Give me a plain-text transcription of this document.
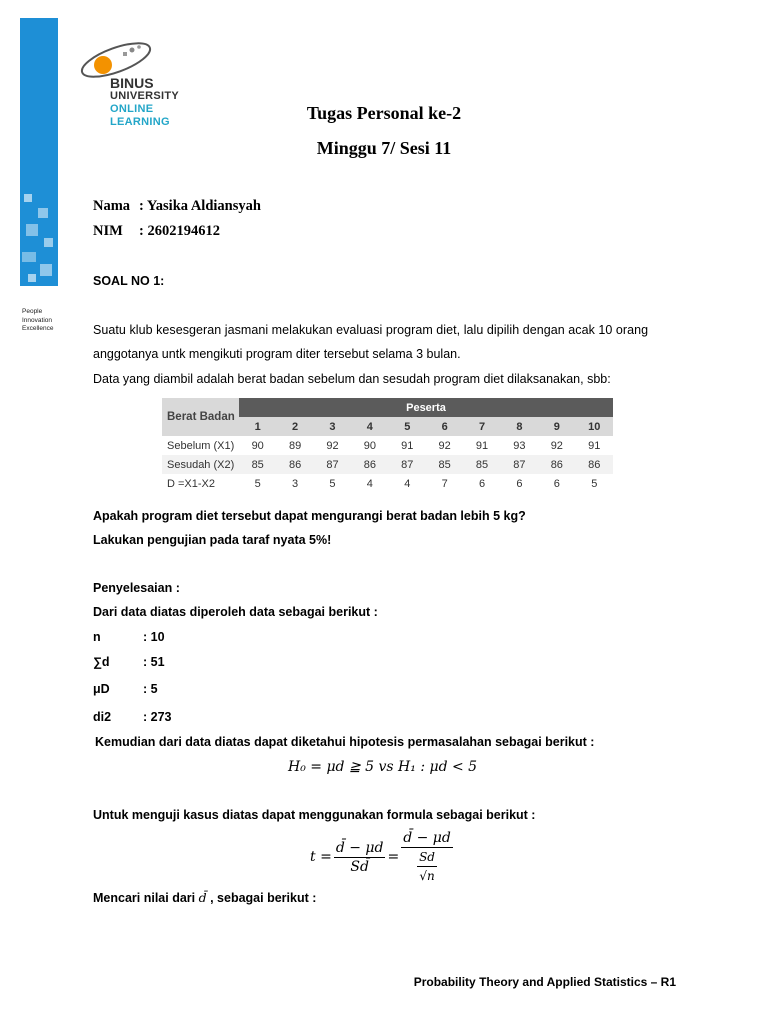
People
Innovation
Excellence
BINUS
UNIVERSITY
ONLINE
LEARNING	Tugas Personal ke-2
Minggu 7/ Sesi 11
Nama : Yasika Aldiansyah
NIM : 2602194612
SOAL NO 1:
Suatu klub kesesgeran jasmani melakukan evaluasi program diet, lalu dipilih dengan acak 10 orang
anggotanya untk mengikuti program diter tersebut selama 3 bulan.
Data yang diambil adalah berat badan sebelum dan sesudah program diet dilaksanakan, sbb:
Berat Badan	Peserta									
	1	2	3	4	5	6	7	8	9	10
Sebelum (X1)	90	89	92	90	91	92	91	93	92	91
Sesudah (X2)	85	86	87	86	87	85	85	87	86	86
D =X1-X2	5	3	5	4	4	7	6	6	6	5
Apakah program diet tersebut dapat mengurangi berat badan lebih 5 kg?
Lakukan pengujian pada taraf nyata 5%!
Penyelesaian :
Dari data diatas diperoleh data sebagai berikut :
n	: 10
∑d	: 51
μD	: 5
di2	: 273
Kemudian dari data diatas dapat diketahui hipotesis permasalahan sebagai berikut :
H₀ = μd ≧ 5 vs H₁ : μd < 5
Untuk menguji kasus diatas dapat menggunakan formula sebagai berikut :
$t = \frac{d̄ - \mu d}{Sd̄} = \frac{d̄ - \mu d}{\frac{Sd}{√n}}$
Mencari nilai dari d̄ , sebagai berikut :
Probability Theory and Applied Statistics – R1
